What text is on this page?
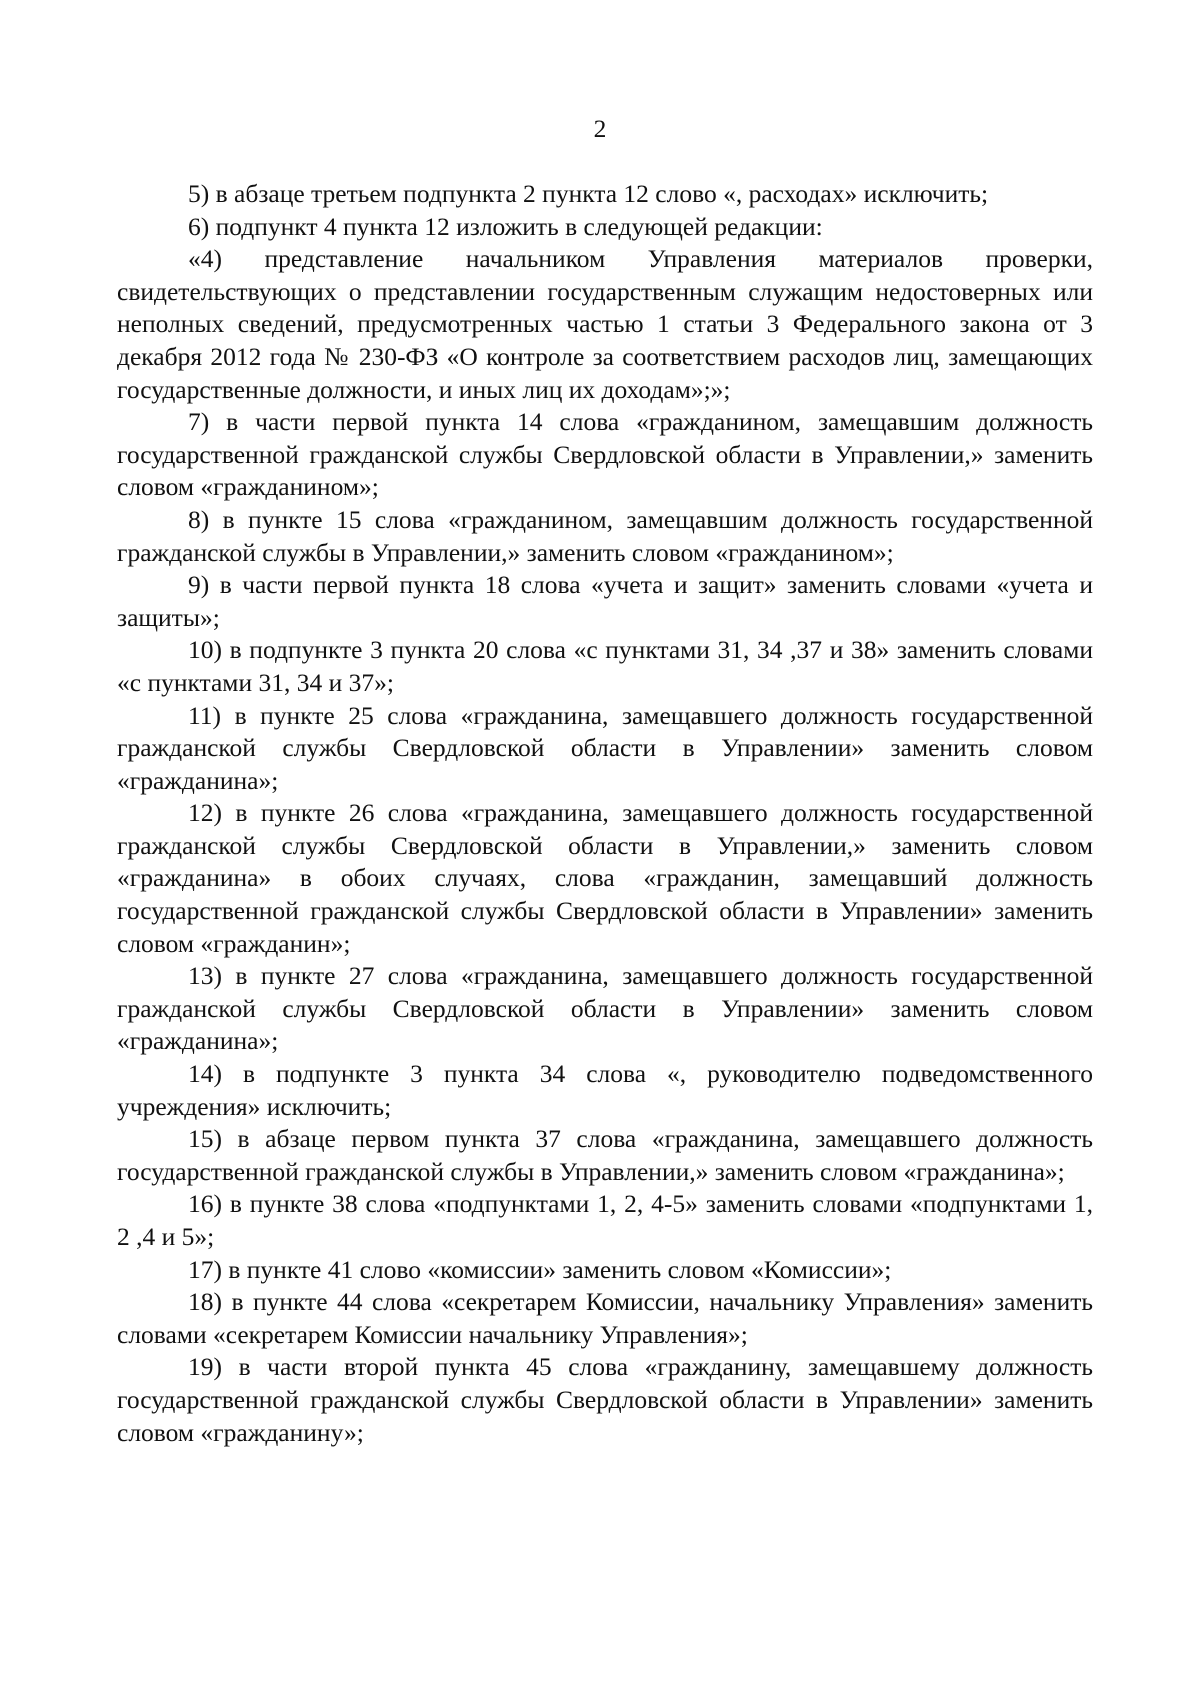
2

5) в абзаце третьем подпункта 2 пункта 12 слово «, расходах» исключить;

6) подпункт 4 пункта 12 изложить в следующей редакции:

«4) представление начальником Управления материалов проверки, свидетельствующих о представлении государственным служащим недостоверных или неполных сведений, предусмотренных частью 1 статьи 3 Федерального закона от 3 декабря 2012 года № 230-ФЗ «О контроле за соответствием расходов лиц, замещающих государственные должности, и иных лиц их доходам»;»;

7) в части первой пункта 14 слова «гражданином, замещавшим должность государственной гражданской службы Свердловской области в Управлении,» заменить словом «гражданином»;

8) в пункте 15 слова «гражданином, замещавшим должность государственной гражданской службы в Управлении,» заменить словом «гражданином»;

9) в части первой пункта 18 слова «учета и защит» заменить словами «учета и защиты»;

10) в подпункте 3 пункта 20 слова «с пунктами 31, 34 ,37 и 38» заменить словами «с пунктами 31, 34 и 37»;

11) в пункте 25 слова «гражданина, замещавшего должность государственной гражданской службы Свердловской области в Управлении» заменить словом «гражданина»;

12) в пункте 26 слова «гражданина, замещавшего должность государственной гражданской службы Свердловской области в Управлении,» заменить словом «гражданина» в обоих случаях, слова «гражданин, замещавший должность государственной гражданской службы Свердловской области в Управлении» заменить словом «гражданин»;

13) в пункте 27 слова «гражданина, замещавшего должность государственной гражданской службы Свердловской области в Управлении» заменить словом «гражданина»;

14) в подпункте 3 пункта 34 слова «, руководителю подведомственного учреждения» исключить;

15) в абзаце первом пункта 37 слова «гражданина, замещавшего должность государственной гражданской службы в Управлении,» заменить словом «гражданина»;

16) в пункте 38 слова «подпунктами 1, 2, 4-5» заменить словами «подпунктами 1, 2 ,4 и 5»;

17) в пункте 41 слово «комиссии» заменить словом «Комиссии»;

18) в пункте 44 слова «секретарем Комиссии, начальнику Управления» заменить словами «секретарем Комиссии начальнику Управления»;

19) в части второй пункта 45 слова «гражданину, замещавшему должность государственной гражданской службы Свердловской области в Управлении» заменить словом «гражданину»;
